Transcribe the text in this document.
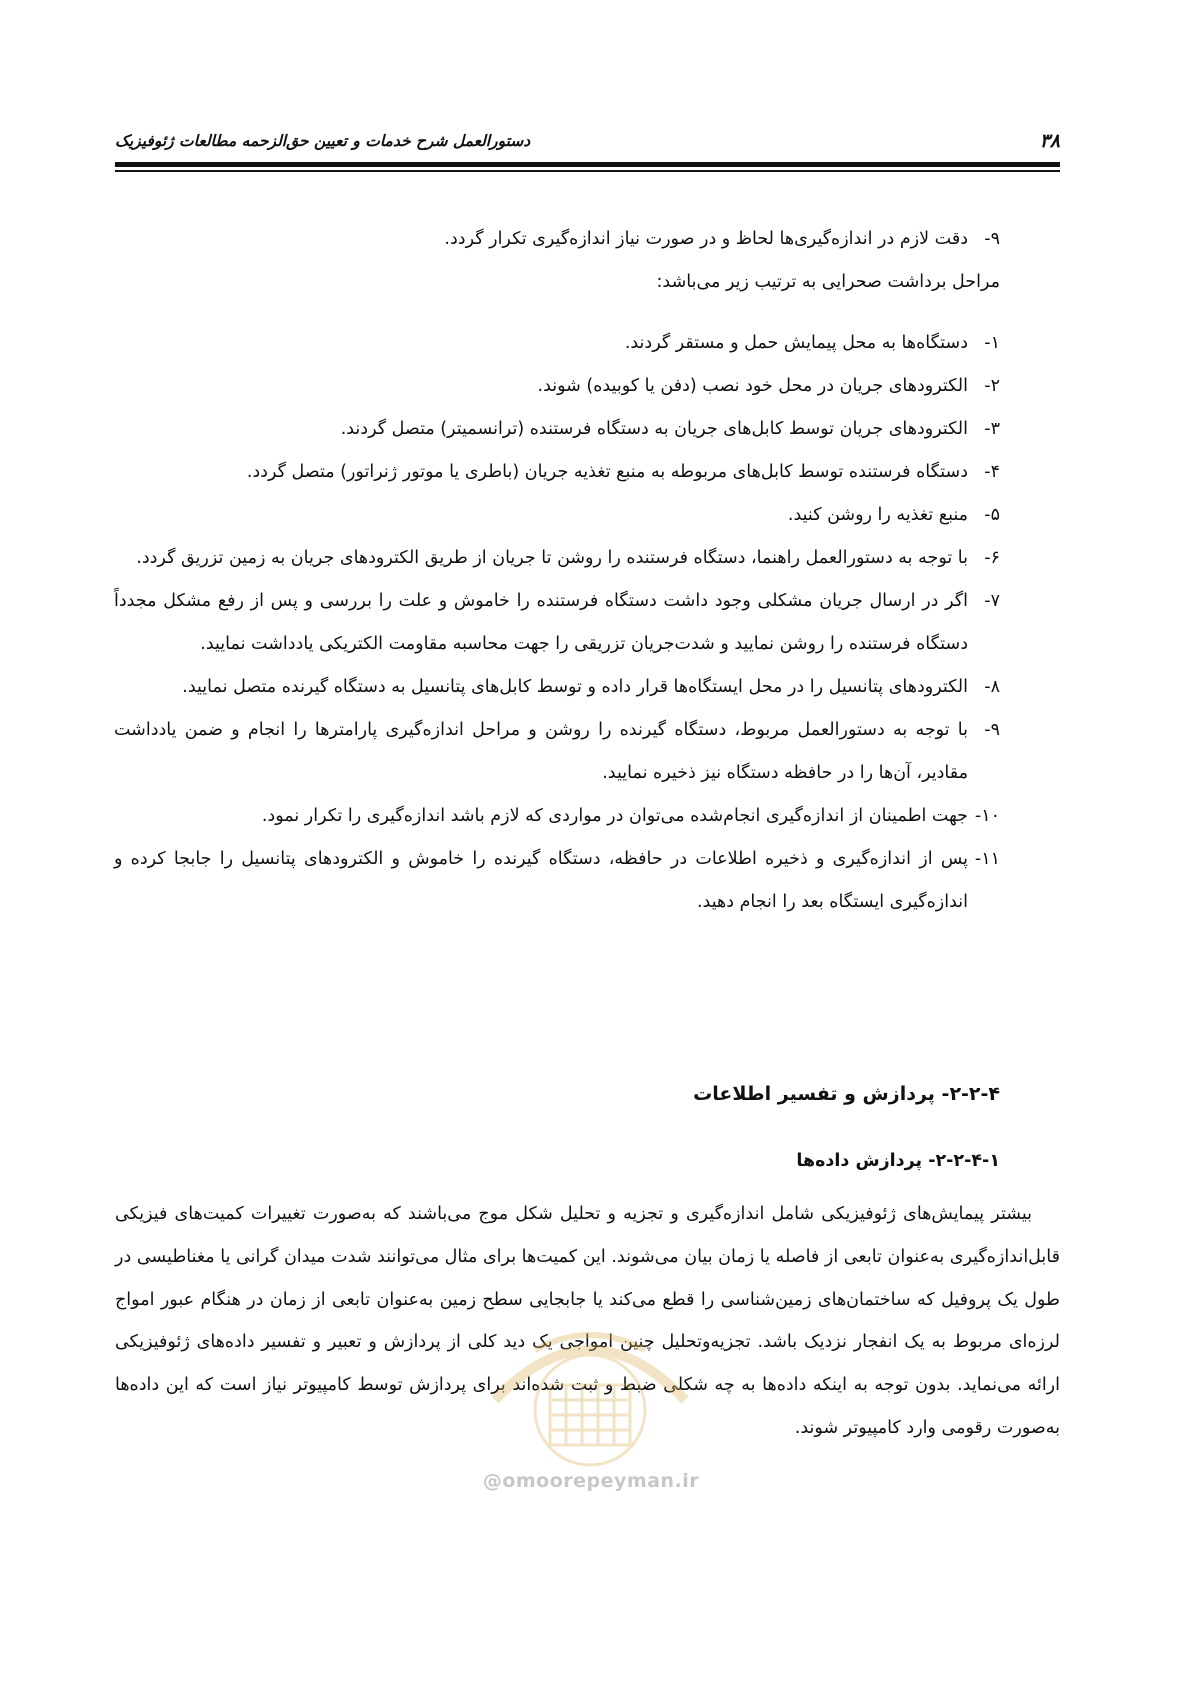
۳۸
دستورالعمل شرح خدمات و تعیین حق‌الزحمه مطالعات ژئوفیزیک
۹-
دقت لازم در اندازه‌گیری‌ها لحاظ و در صورت نیاز اندازه‌گیری تکرار گردد.

مراحل برداشت صحرایی به ترتیب زیر می‌باشد:

۱-
دستگاه‌ها به محل پیمایش حمل و مستقر گردند.
۲-
الکترودهای جریان در محل خود نصب (دفن یا کوبیده) شوند.
۳-
الکترودهای جریان توسط کابل‌های جریان به دستگاه فرستنده (ترانسمیتر) متصل گردند.
۴-
دستگاه فرستنده توسط کابل‌های مربوطه به منبع تغذیه جریان (باطری یا موتور ژنراتور) متصل گردد.
۵-
منبع تغذیه را روشن کنید.
۶-
با توجه به دستورالعمل راهنما، دستگاه فرستنده را روشن تا جریان از طریق الکترودهای جریان به زمین تزریق گردد.
۷-
اگر در ارسال جریان مشکلی وجود داشت دستگاه فرستنده را خاموش و علت را بررسی و پس از رفع مشکل مجدداً دستگاه فرستنده را روشن نمایید و شدت‌جریان تزریقی را جهت محاسبه مقاومت الکتریکی یادداشت نمایید.
۸-
الکترودهای پتانسیل را در محل ایستگاه‌ها قرار داده و توسط کابل‌های پتانسیل به دستگاه گیرنده متصل نمایید.
۹-
با توجه به دستورالعمل مربوط، دستگاه گیرنده را روشن و مراحل اندازه‌گیری پارامترها را انجام و ضمن یادداشت مقادیر، آن‌ها را در حافظه دستگاه نیز ذخیره نمایید.
۱۰-
جهت اطمینان از اندازه‌گیری انجام‌شده می‌توان در مواردی که لازم باشد اندازه‌گیری را تکرار نمود.
۱۱-
پس از اندازه‌گیری و ذخیره اطلاعات در حافظه، دستگاه گیرنده را خاموش و الکترودهای پتانسیل را جابجا کرده و اندازه‌گیری ایستگاه بعد را انجام دهید.
۲-۲-۴- پردازش و تفسیر اطلاعات
۲-۲-۴-۱- پردازش داده‌ها

بیشتر پیمایش‌های ژئوفیزیکی شامل اندازه‌گیری و تجزیه و تحلیل شکل موج می‌باشند که به‌صورت تغییرات کمیت‌های فیزیکی قابل‌اندازه‌گیری به‌عنوان تابعی از فاصله یا زمان بیان می‌شوند. این کمیت‌ها برای مثال می‌توانند شدت میدان گرانی یا مغناطیسی در طول یک پروفیل که ساختمان‌های زمین‌شناسی را قطع می‌کند یا جابجایی سطح زمین به‌عنوان تابعی از زمان در هنگام عبور امواج لرزه‌ای مربوط به یک انفجار نزدیک باشد. تجزیه‌وتحلیل چنین امواجی یک دید کلی از پردازش و تعبیر و تفسیر داده‌های ژئوفیزیکی ارائه می‌نماید. بدون توجه به اینکه داده‌ها به چه شکلی ضبط و ثبت شده‌اند برای پردازش توسط کامپیوتر نیاز است که این داده‌ها به‌صورت رقومی وارد کامپیوتر شوند.

@omoorepeyman.ir
